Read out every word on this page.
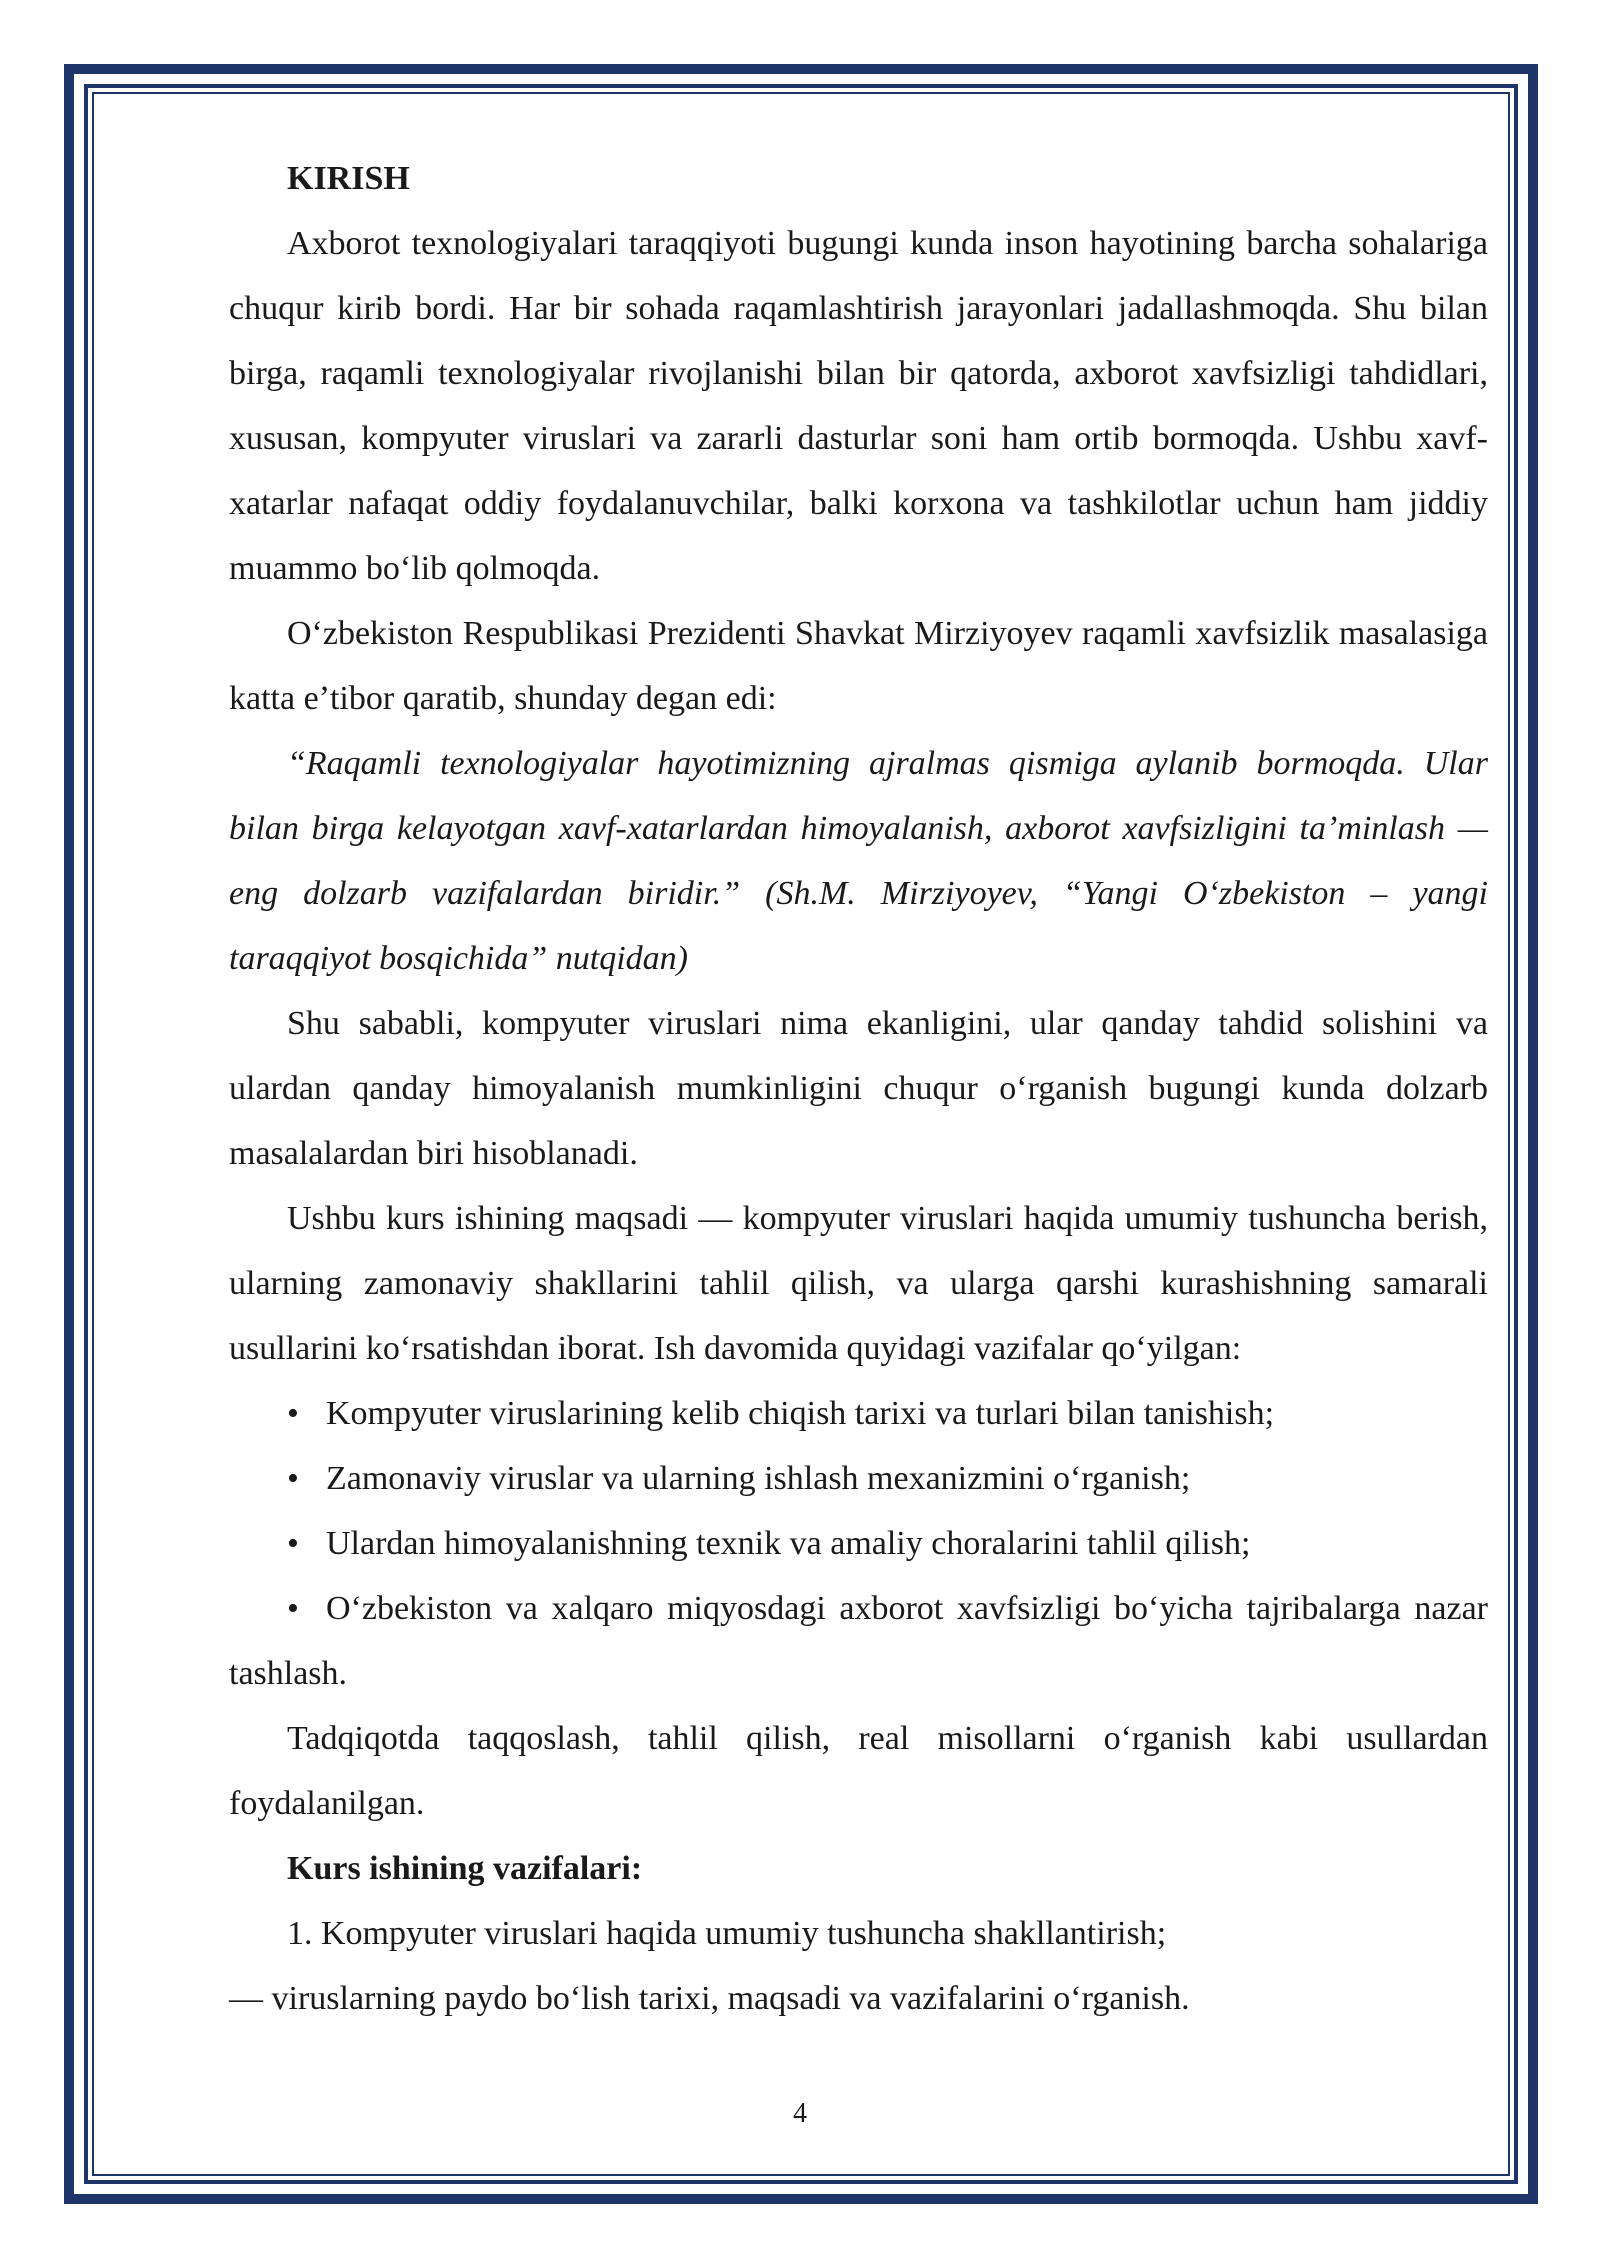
KIRISH

Axborot texnologiyalari taraqqiyoti bugungi kunda inson hayotining barcha sohalariga chuqur kirib bordi. Har bir sohada raqamlashtirish jarayonlari jadallashmoqda. Shu bilan birga, raqamli texnologiyalar rivojlanishi bilan bir qatorda, axborot xavfsizligi tahdidlari, xususan, kompyuter viruslari va zararli dasturlar soni ham ortib bormoqda. Ushbu xavf-xatarlar nafaqat oddiy foydalanuvchilar, balki korxona va tashkilotlar uchun ham jiddiy muammo boʻlib qolmoqda.

Oʻzbekiston Respublikasi Prezidenti Shavkat Mirziyoyev raqamli xavfsizlik masalasiga katta eʼtibor qaratib, shunday degan edi:

“Raqamli texnologiyalar hayotimizning ajralmas qismiga aylanib bormoqda. Ular bilan birga kelayotgan xavf-xatarlardan himoyalanish, axborot xavfsizligini taʼminlash — eng dolzarb vazifalardan biridir.” (Sh.M. Mirziyoyev, “Yangi Oʻzbekiston – yangi taraqqiyot bosqichida” nutqidan)

Shu sababli, kompyuter viruslari nima ekanligini, ular qanday tahdid solishini va ulardan qanday himoyalanish mumkinligini chuqur oʻrganish bugungi kunda dolzarb masalalardan biri hisoblanadi.

Ushbu kurs ishining maqsadi — kompyuter viruslari haqida umumiy tushuncha berish, ularning zamonaviy shakllarini tahlil qilish, va ularga qarshi kurashishning samarali usullarini koʻrsatishdan iborat. Ish davomida quyidagi vazifalar qoʻyilgan:

• Kompyuter viruslarining kelib chiqish tarixi va turlari bilan tanishish;
• Zamonaviy viruslar va ularning ishlash mexanizmini oʻrganish;
• Ulardan himoyalanishning texnik va amaliy choralarini tahlil qilish;
• Oʻzbekiston va xalqaro miqyosdagi axborot xavfsizligi boʻyicha tajribalarga nazar tashlash.

Tadqiqotda taqqoslash, tahlil qilish, real misollarni oʻrganish kabi usullardan foydalanilgan.

Kurs ishining vazifalari:

1. Kompyuter viruslari haqida umumiy tushuncha shakllantirish;

— viruslarning paydo boʻlish tarixi, maqsadi va vazifalarini oʻrganish.

4
